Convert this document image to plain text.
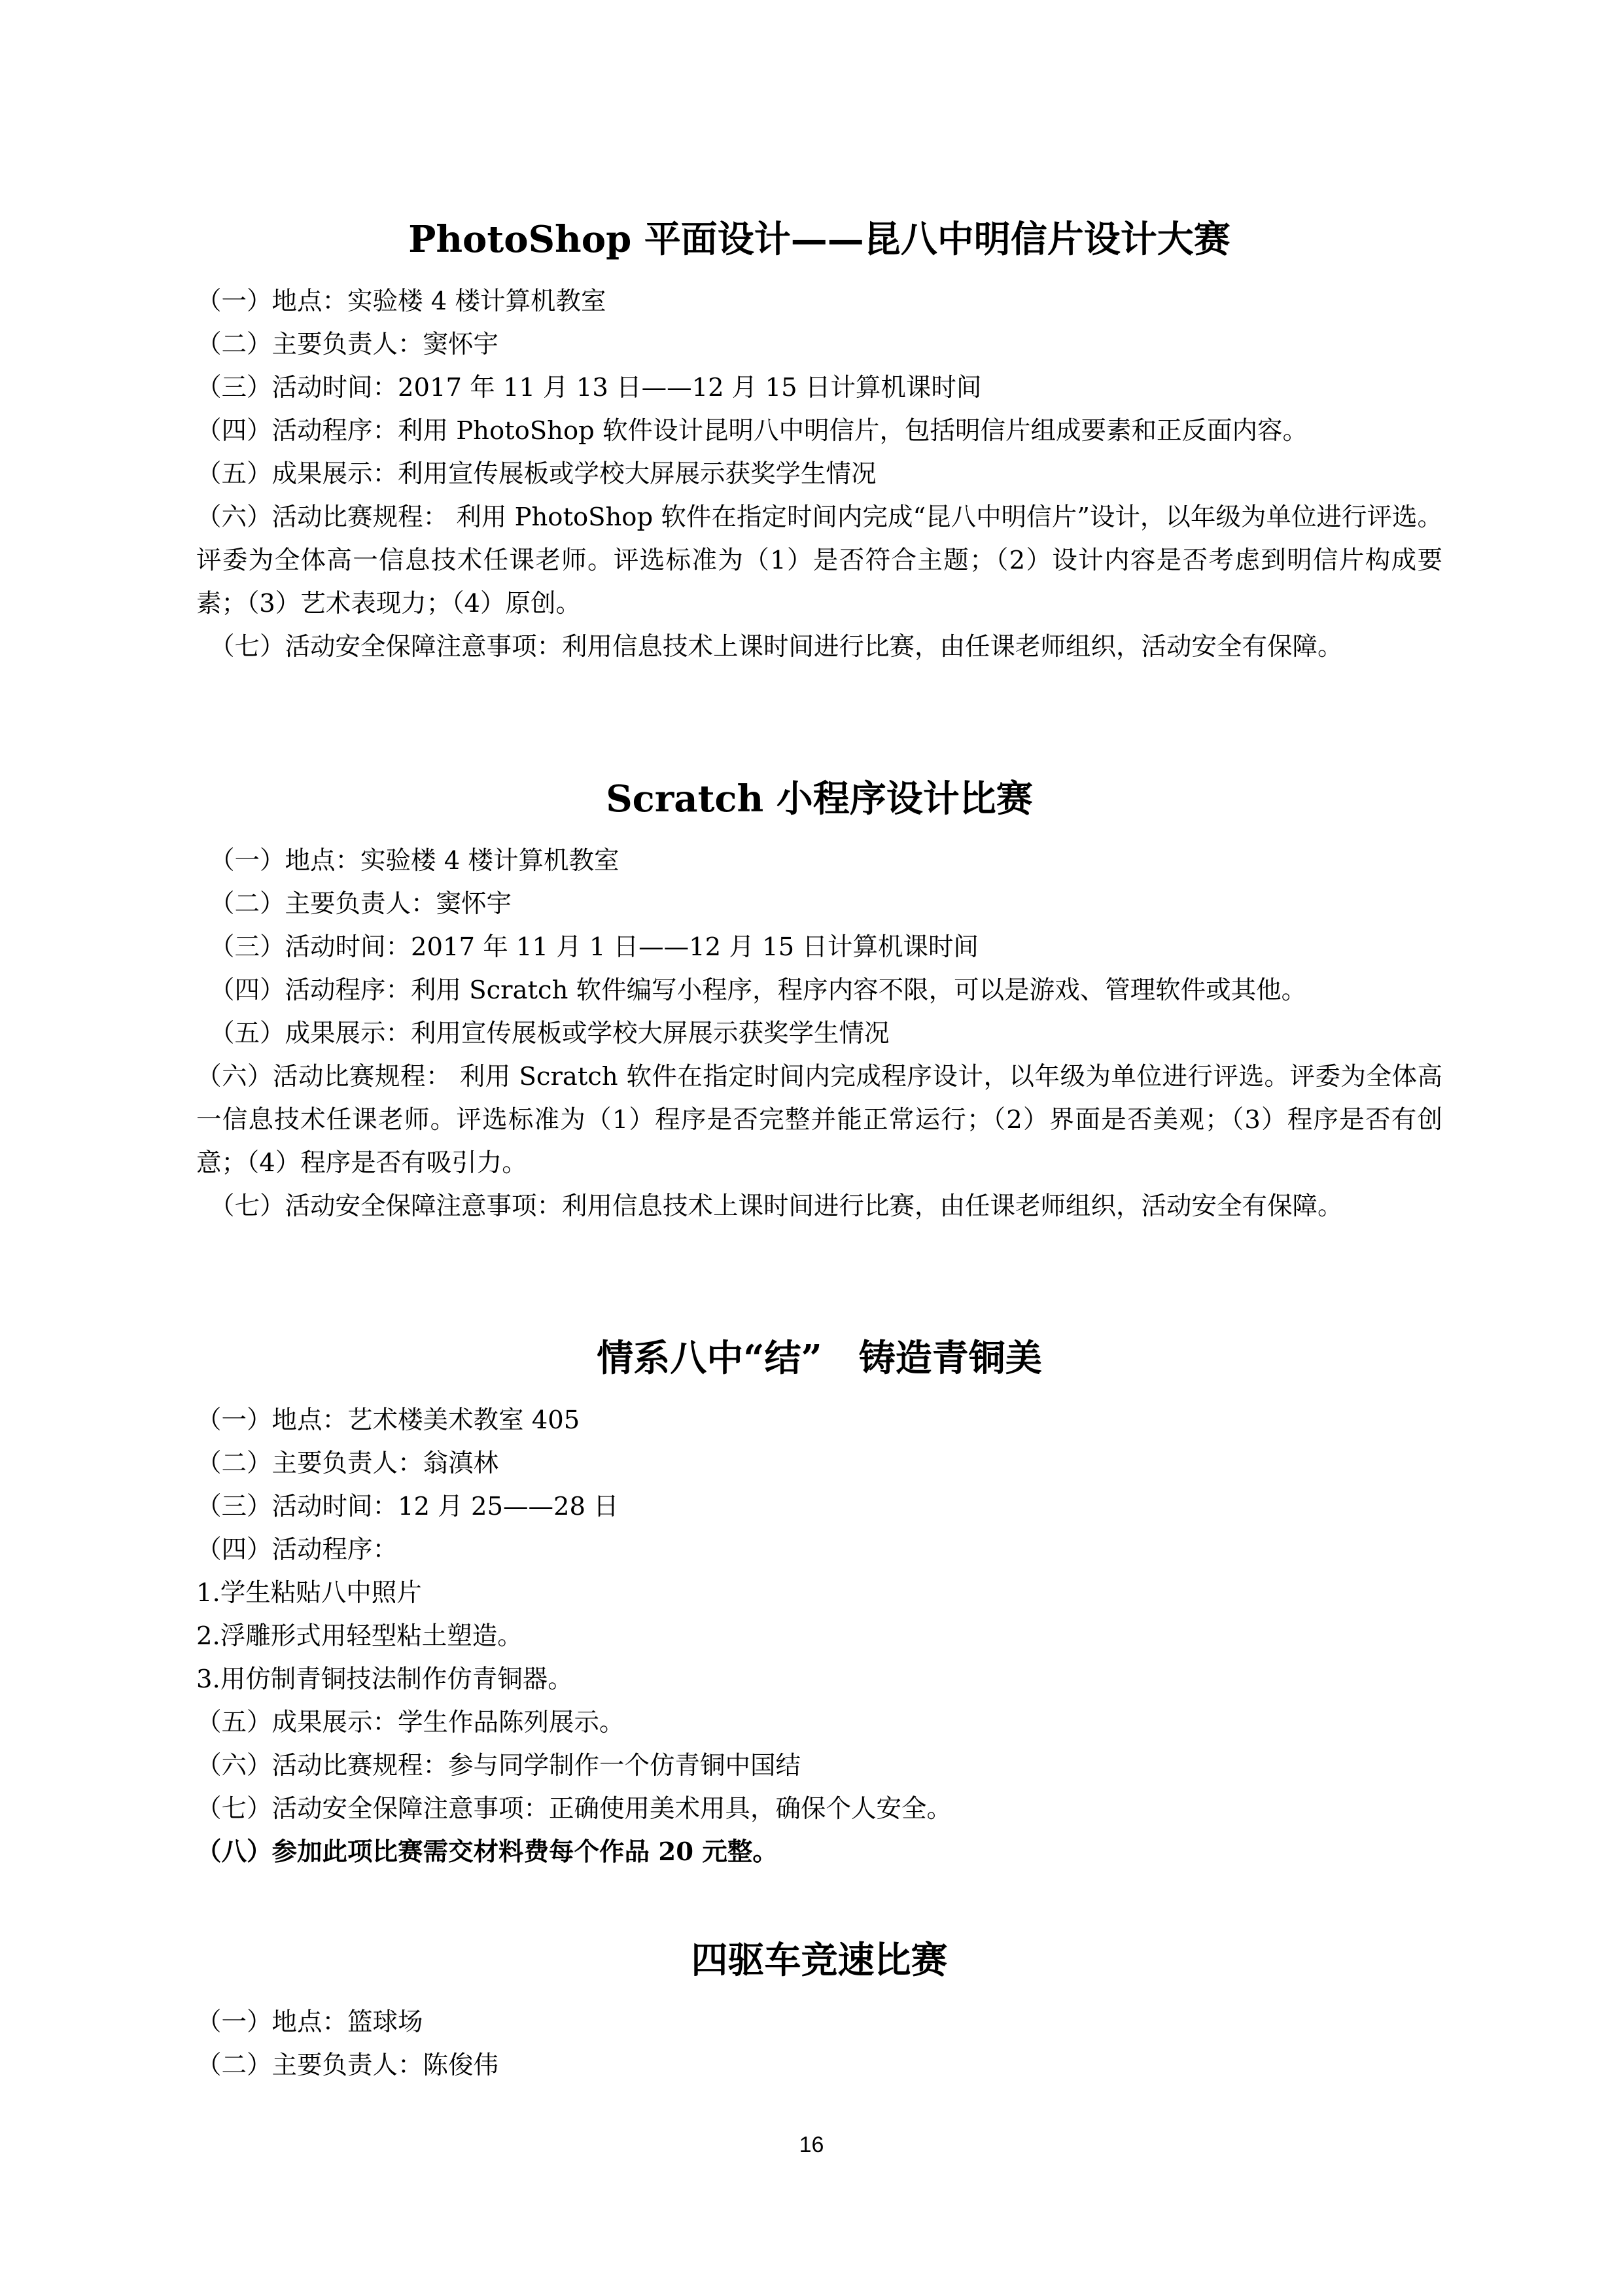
PhotoShop 平面设计——昆八中明信片设计大赛

（一）地点：实验楼 4 楼计算机教室

（二）主要负责人：窦怀宇

（三）活动时间：2017 年 11 月 13 日——12 月 15 日计算机课时间

（四）活动程序：利用 PhotoShop 软件设计昆明八中明信片，包括明信片组成要素和正反面内容。

（五）成果展示：利用宣传展板或学校大屏展示获奖学生情况

（六）活动比赛规程： 利用 PhotoShop 软件在指定时间内完成“昆八中明信片”设计，以年级为单位进行评选。评委为全体高一信息技术任课老师。评选标准为（1）是否符合主题；（2）设计内容是否考虑到明信片构成要素；（3）艺术表现力；（4）原创。

（七）活动安全保障注意事项：利用信息技术上课时间进行比赛，由任课老师组织，活动安全有保障。

Scratch 小程序设计比赛

（一）地点：实验楼 4 楼计算机教室

（二）主要负责人：窦怀宇

（三）活动时间：2017 年 11 月 1 日——12 月 15 日计算机课时间

（四）活动程序：利用 Scratch 软件编写小程序，程序内容不限，可以是游戏、管理软件或其他。

（五）成果展示：利用宣传展板或学校大屏展示获奖学生情况

（六）活动比赛规程： 利用 Scratch 软件在指定时间内完成程序设计，以年级为单位进行评选。评委为全体高一信息技术任课老师。评选标准为（1）程序是否完整并能正常运行；（2）界面是否美观；（3）程序是否有创意；（4）程序是否有吸引力。

（七）活动安全保障注意事项：利用信息技术上课时间进行比赛，由任课老师组织，活动安全有保障。

情系八中“结”　铸造青铜美

（一）地点：艺术楼美术教室 405

（二）主要负责人：翁滇林

（三）活动时间：12 月 25——28 日

（四）活动程序：

1.学生粘贴八中照片

2.浮雕形式用轻型粘土塑造。

3.用仿制青铜技法制作仿青铜器。

（五）成果展示：学生作品陈列展示。

（六）活动比赛规程：参与同学制作一个仿青铜中国结

（七）活动安全保障注意事项：正确使用美术用具，确保个人安全。

（八）参加此项比赛需交材料费每个作品 20 元整。

四驱车竞速比赛

（一）地点：篮球场

（二）主要负责人：陈俊伟

16
